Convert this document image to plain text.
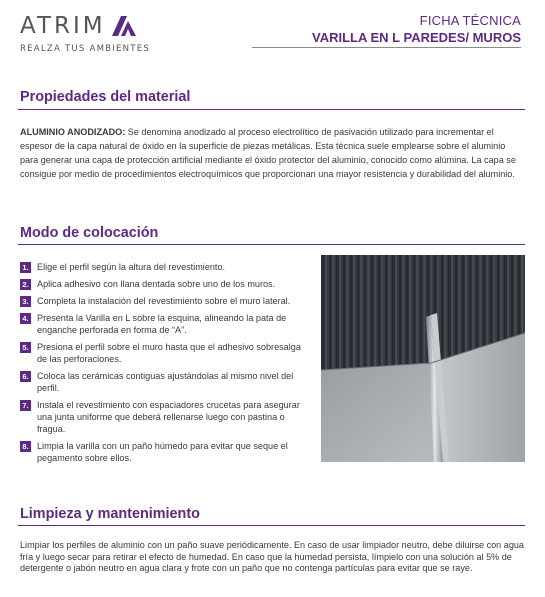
ATRIM
REALZA TUS AMBIENTES
FICHA TÉCNICA
VARILLA EN L PAREDES/ MUROS
Propiedades del material

ALUMINIO ANODIZADO: Se denomina anodizado al proceso electrolítico de pasivación utilizado para incrementar el espesor de la capa natural de óxido en la superficie de piezas metálicas. Esta técnica suele emplearse sobre el aluminio para generar una capa de protección artificial mediante el óxido protector del aluminio, conocido como alúmina. La capa se consigue por medio de procedimientos electroquímicos que proporcionan una mayor resistencia y durabilidad del aluminio.

Modo de colocación
1. Elige el perfil según la altura del revestimiento.
2. Aplica adhesivo con llana dentada sobre uno de los muros.
3. Completa la instalación del revestimiento sobre el muro lateral.
4. Presenta la Varilla en L sobre la esquina, alineando la pata de enganche perforada en forma de “A”.
5. Presiona el perfil sobre el muro hasta que el adhesivo sobresalga de las perforaciones.
6. Coloca las cerámicas contiguas ajustándolas al mismo nivel del perfil.
7. Instala el revestimiento con espaciadores crucetas para asegurar una junta uniforme que deberá rellenarse luego con pastina o fragua.
8. Limpia la varilla con un paño húmedo para evitar que seque el pegamento sobre ellos.
Limpieza y mantenimiento

Limpiar los perfiles de aluminio con un paño suave periódicamente. En caso de usar limpiador neutro, debe diluirse con agua fría y luego secar para retirar el efecto de humedad. En caso que la humedad persista, límpielo con una solución al 5% de detergente o jabón neutro en agua clara y frote con un paño que no contenga partículas para evitar que se raye.
